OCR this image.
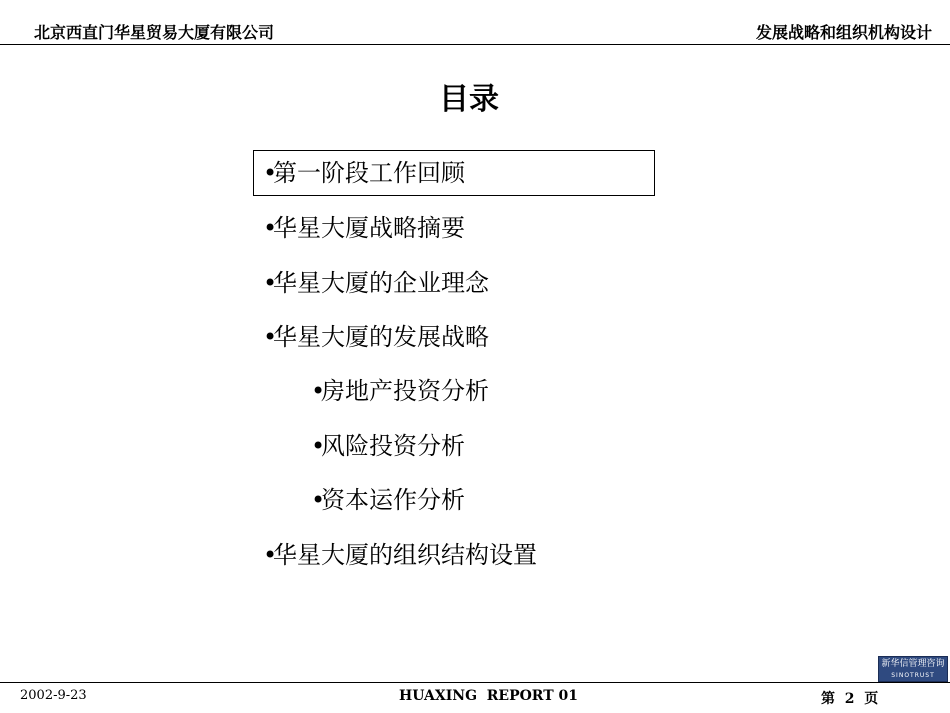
北京西直门华星贸易大厦有限公司	发展战略和组织机构设计
目录
•第一阶段工作回顾
•华星大厦战略摘要
•华星大厦的企业理念
•华星大厦的发展战略
•房地产投资分析
•风险投资分析
•资本运作分析
•华星大厦的组织结构设置
新华信管理咨询
SINOTRUST
2002-9-23	HUAXING  REPORT 01	第  2  页
